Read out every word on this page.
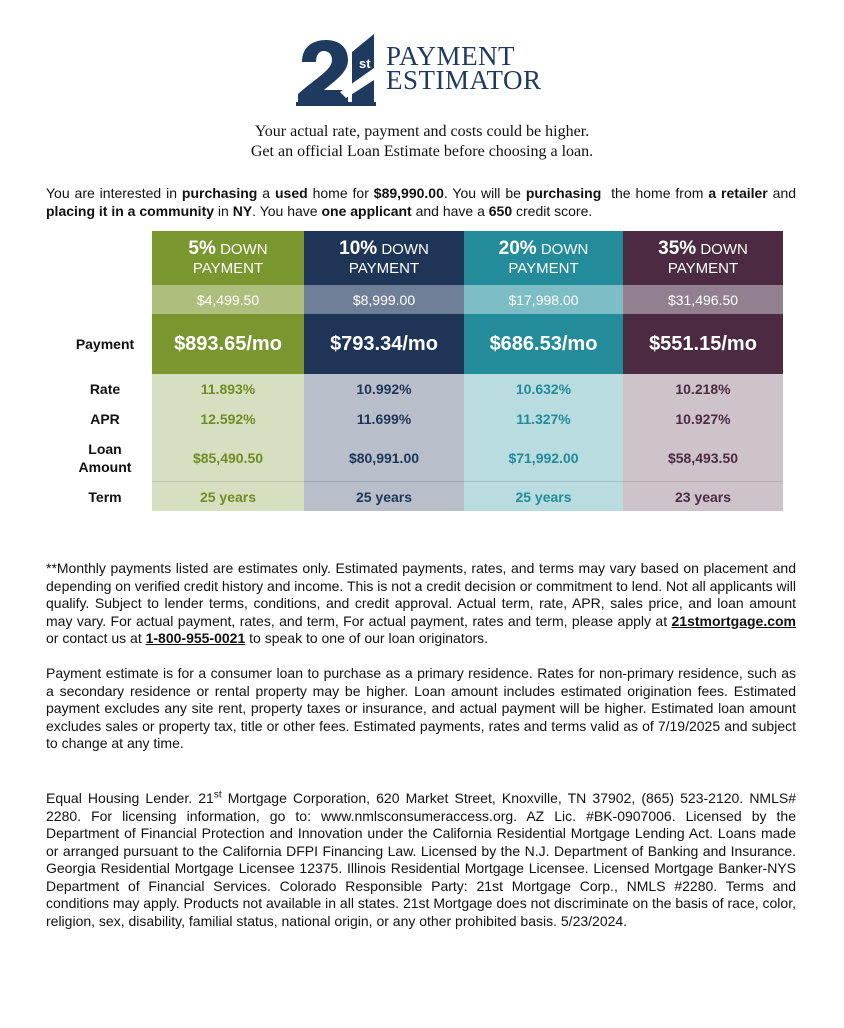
st PAYMENT
ESTIMATOR
Your actual rate, payment and costs could be higher.
Get an official Loan Estimate before choosing a loan.
You are interested in purchasing a used home for $89,990.00. You will be purchasing  the home from a retailer and placing it in a community in NY. You have one applicant and have a 650 credit score.
Payment
Rate
APR
Loan
Amount
Term
5% DOWN
PAYMENT
$4,499.50
$893.65/mo
11.893%
12.592%
$85,490.50
25 years
10% DOWN
PAYMENT
$8,999.00
$793.34/mo
10.992%
11.699%
$80,991.00
25 years
20% DOWN
PAYMENT
$17,998.00
$686.53/mo
10.632%
11.327%
$71,992.00
25 years
35% DOWN
PAYMENT
$31,496.50
$551.15/mo
10.218%
10.927%
$58,493.50
23 years
**Monthly payments listed are estimates only. Estimated payments, rates, and terms may vary based on placement and depending on verified credit history and income. This is not a credit decision or commitment to lend. Not all applicants will qualify. Subject to lender terms, conditions, and credit approval. Actual term, rate, APR, sales price, and loan amount may vary. For actual payment, rates, and term, For actual payment, rates and term, please apply at 21stmortgage.com or contact us at 1-800-955-0021 to speak to one of our loan originators.
Payment estimate is for a consumer loan to purchase as a primary residence. Rates for non-primary residence, such as a secondary residence or rental property may be higher. Loan amount includes estimated origination fees. Estimated payment excludes any site rent, property taxes or insurance, and actual payment will be higher. Estimated loan amount excludes sales or property tax, title or other fees. Estimated payments, rates and terms valid as of 7/19/2025 and subject to change at any time.
Equal Housing Lender. 21st Mortgage Corporation, 620 Market Street, Knoxville, TN 37902, (865) 523-2120. NMLS# 2280. For licensing information, go to: www.nmlsconsumeraccess.org. AZ Lic. #BK-0907006. Licensed by the Department of Financial Protection and Innovation under the California Residential Mortgage Lending Act. Loans made or arranged pursuant to the California DFPI Financing Law. Licensed by the N.J. Department of Banking and Insurance. Georgia Residential Mortgage Licensee 12375. Illinois Residential Mortgage Licensee. Licensed Mortgage Banker-NYS Department of Financial Services. Colorado Responsible Party: 21st Mortgage Corp., NMLS #2280. Terms and conditions may apply. Products not available in all states. 21st Mortgage does not discriminate on the basis of race, color, religion, sex, disability, familial status, national origin, or any other prohibited basis. 5/23/2024.
